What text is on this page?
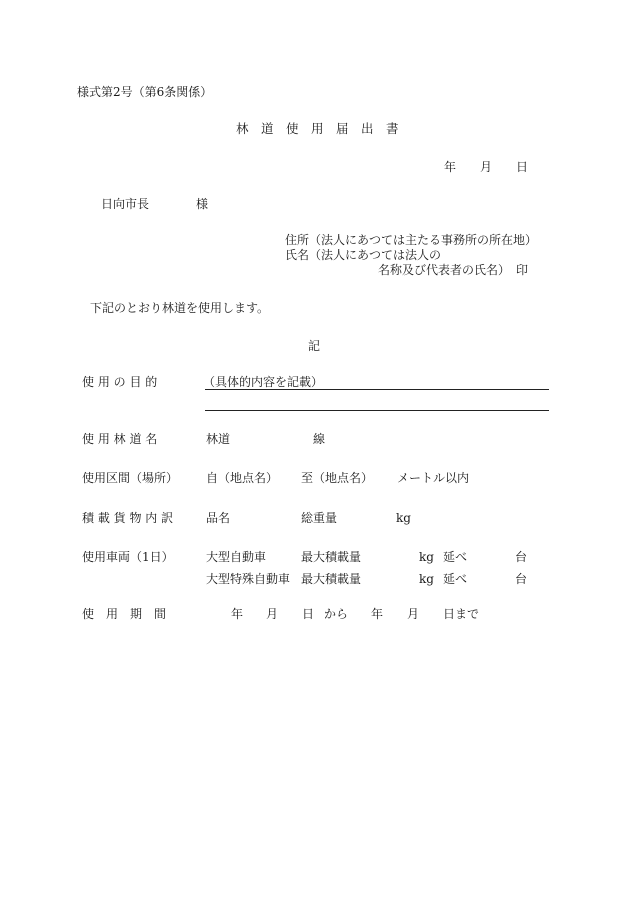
様式第2号（第6条関係）
林　道　使　用　届　出　書
年 月 日
日向市長	様
住所（法人にあつては主たる事務所の所在地）
氏名（法人にあつては法人の
名称及び代表者の氏名） 印
下記のとおり林道を使用します。
記
使 用 の 目 的	（具体的内容を記載）
使 用 林 道 名	林道	線
使用区間（場所） 自（地点名） 至（地点名） メートル以内
積 載 貨 物 内 訳	品名	総重量	kg
使用車両（1日）	大型自動車	最大積載量	kg 延べ	台
大型特殊自動車 最大積載量	kg 延べ	台
使　用　期　間	年 月 日 から 年 月 日まで
